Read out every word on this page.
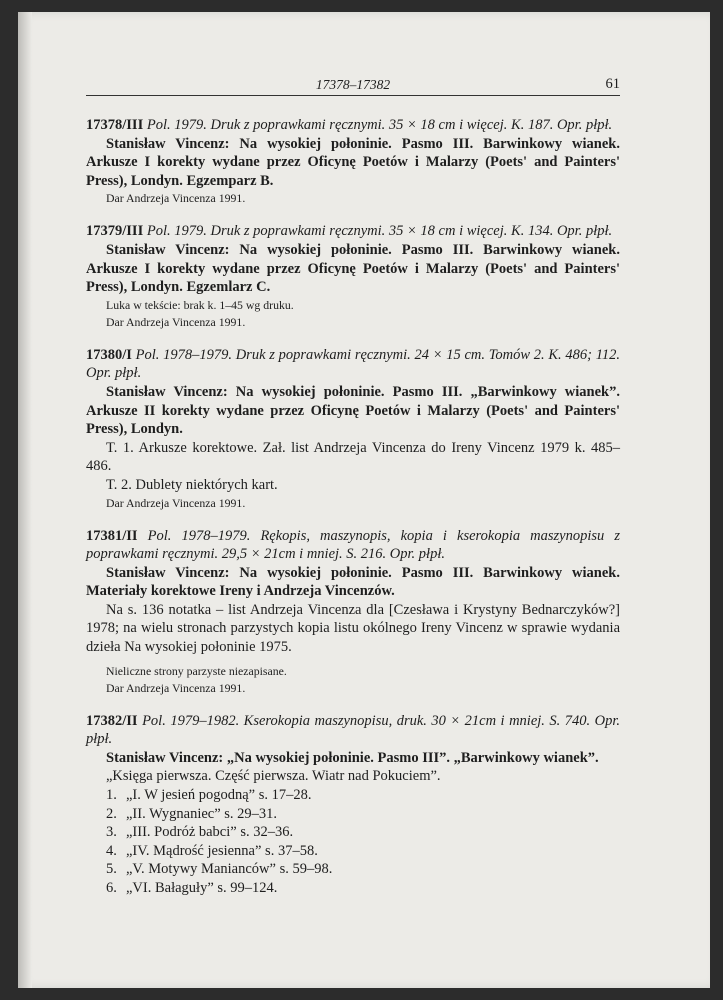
17378–17382	61

17378/III Pol. 1979. Druk z poprawkami ręcznymi. 35 × 18 cm i więcej. K. 187. Opr. płpł.

Stanisław Vincenz: Na wysokiej połoninie. Pasmo III. Barwinkowy wianek. Arkusze I korekty wydane przez Oficynę Poetów i Malarzy (Poets' and Painters' Press), Londyn. Egzemparz B.

Dar Andrzeja Vincenza 1991.

17379/III Pol. 1979. Druk z poprawkami ręcznymi. 35 × 18 cm i więcej. K. 134. Opr. płpł.

Stanisław Vincenz: Na wysokiej połoninie. Pasmo III. Barwinkowy wianek. Arkusze I korekty wydane przez Oficynę Poetów i Malarzy (Poets' and Painters' Press), Londyn. Egzemlarz C.

Luka w tekście: brak k. 1–45 wg druku.
Dar Andrzeja Vincenza 1991.

17380/I Pol. 1978–1979. Druk z poprawkami ręcznymi. 24 × 15 cm. Tomów 2. K. 486; 112. Opr. płpł.

Stanisław Vincenz: Na wysokiej połoninie. Pasmo III. „Barwinkowy wianek”. Arkusze II korekty wydane przez Oficynę Poetów i Malarzy (Poets' and Painters' Press), Londyn.

T. 1. Arkusze korektowe. Zał. list Andrzeja Vincenza do Ireny Vincenz 1979 k. 485–486.

T. 2. Dublety niektórych kart.

Dar Andrzeja Vincenza 1991.

17381/II Pol. 1978–1979. Rękopis, maszynopis, kopia i kserokopia maszynopisu z poprawkami ręcznymi. 29,5 × 21cm i mniej. S. 216. Opr. płpł.

Stanisław Vincenz: Na wysokiej połoninie. Pasmo III. Barwinkowy wianek. Materiały korektowe Ireny i Andrzeja Vincenzów.

Na s. 136 notatka – list Andrzeja Vincenza dla [Czesława i Krystyny Bednarczyków?] 1978; na wielu stronach parzystych kopia listu okólnego Ireny Vincenz w sprawie wydania dzieła Na wysokiej połoninie 1975.

Nieliczne strony parzyste niezapisane.
Dar Andrzeja Vincenza 1991.

17382/II Pol. 1979–1982. Kserokopia maszynopisu, druk. 30 × 21cm i mniej. S. 740. Opr. płpł.

Stanisław Vincenz: „Na wysokiej połoninie. Pasmo III”. „Barwinkowy wianek”.

„Księga pierwsza. Część pierwsza. Wiatr nad Pokuciem”.

1. „I. W jesień pogodną” s. 17–28.
2. „II. Wygnaniec” s. 29–31.
3. „III. Podróż babci” s. 32–36.
4. „IV. Mądrość jesienna” s. 37–58.
5. „V. Motywy Manianców” s. 59–98.
6. „VI. Bałaguły” s. 99–124.
